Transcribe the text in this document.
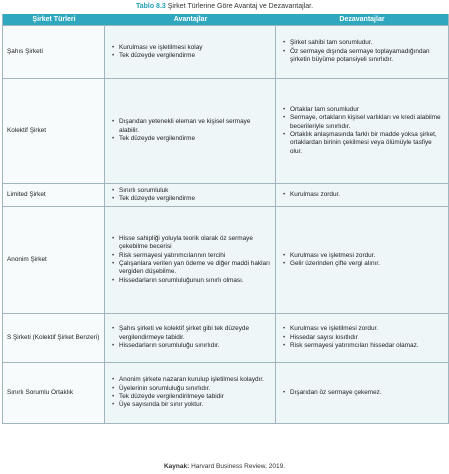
Tablo 8.3 Şirket Türlerine Göre Avantaj ve Dezavantajlar.
Şirket Türleri	Avantajlar	Dezavantajlar
Şahıs Şirketi
• Kurulması ve işletilmesi kolay
• Tek düzeyde vergilendirme
• Şirket sahibi tam sorumludur.
• Öz sermaye dışında sermaye toplayamadığından şirketin büyüme potansiyeli sınırlıdır.
Kolektif Şirket
• Dışarıdan yetenekli eleman ve kişisel sermaye alabilir.
• Tek düzeyde vergilendirme
• Ortaklar tam sorumludur
• Sermaye, ortakların kişisel varlıkları ve kredi alabilme becerileriyle sınırlıdır.
• Ortaklık anlaşmasında farklı bir madde yoksa şirket, ortaklardan birinin çekilmesi veya ölümüyle tasfiye olur.
Limited Şirket
• Sınırlı sorumluluk
• Tek düzeyde vergilendirme
• Kurulması zordur.
Anonim Şirket
• Hisse sahipliği yoluyla teorik olarak öz sermaye çekebilme becerisi
• Risk sermayesi yatırımcılarının tercihi
• Çalışanlara verilen yan ödeme ve diğer maddi hakları vergiden düşebilme.
• Hissedarların sorumluluğunun sınırlı olması.
• Kurulması ve işletmesi zordur.
• Gelir üzerinden çifte vergi alınır.
S Şirketi (Kolektif Şirket Benzeri)
• Şahıs şirketi ve kolektif şirket gibi tek düzeyde vergilendirmeye tabidir.
• Hissedarların sorumluluğu sınırlıdır.
• Kurulması ve işletilmesi zordur.
• Hissedar sayısı kısıtlıdır
• Risk sermayesi yatırımcıları hissedar olamaz.
Sınırlı Sorumlu Ortaklık
• Anonim şirkete nazaran kurulup işletilmesi kolaydır.
• Üyelerinin sorumluluğu sınırlıdır.
• Tek düzeyde vergilendirilmeye tabidir
• Üye sayısında bir sınır yoktur.
• Dışarıdan öz sermaye çekemez.
Kaynak: Harvard Business Review, 2019.
